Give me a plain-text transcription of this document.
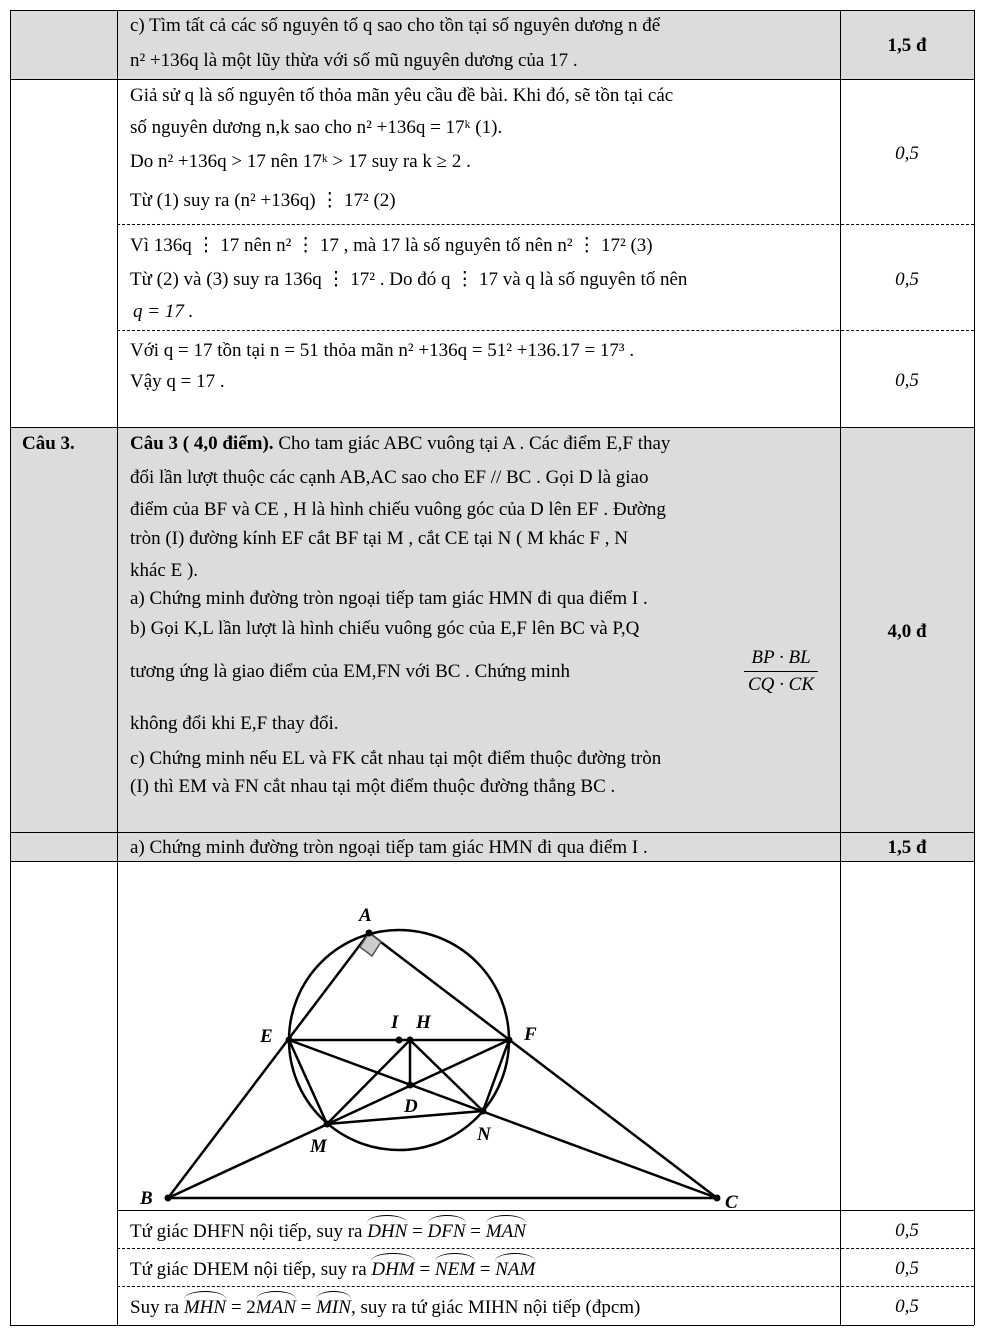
c) Tìm tất cả các số nguyên tố q sao cho tồn tại số nguyên dương n để
n² +136q là một lũy thừa với số mũ nguyên dương của 17 .
1,5 đ
Giả sử q là số nguyên tố thỏa mãn yêu cầu đề bài. Khi đó, sẽ tồn tại các
số nguyên dương n,k sao cho n² +136q = 17ᵏ (1).
Do n² +136q > 17 nên 17ᵏ > 17 suy ra k ≥ 2 .
Từ (1) suy ra (n² +136q) ⋮ 17² (2)
0,5
Vì 136q ⋮ 17 nên n² ⋮ 17 , mà 17 là số nguyên tố nên n² ⋮ 17² (3)
Từ (2) và (3) suy ra 136q ⋮ 17² . Do đó q ⋮ 17 và q là số nguyên tố nên
q = 17 .
0,5
Với q = 17 tồn tại n = 51 thỏa mãn n² +136q = 51² +136.17 = 17³ .
Vậy q = 17 .	0,5
Câu 3.	Câu 3 ( 4,0 điểm). Cho tam giác ABC vuông tại A . Các điểm E,F thay
đổi lần lượt thuộc các cạnh AB,AC sao cho EF // BC . Gọi D là giao
điểm của BF và CE , H là hình chiếu vuông góc của D lên EF . Đường
tròn (I) đường kính EF cắt BF tại M , cắt CE tại N ( M khác F , N
khác E ).
a) Chứng minh đường tròn ngoại tiếp tam giác HMN đi qua điểm I .
b) Gọi K,L lần lượt là hình chiếu vuông góc của E,F lên BC và P,Q
tương ứng là giao điểm của EM,FN với BC . Chứng minh	$\frac{BP \cdot BL}{CQ \cdot CK}$
không đổi khi E,F thay đổi.
c) Chứng minh nếu EL và FK cắt nhau tại một điểm thuộc đường tròn
(I) thì EM và FN cắt nhau tại một điểm thuộc đường thẳng BC .
4,0 đ
a) Chứng minh đường tròn ngoại tiếp tam giác HMN đi qua điểm I .	1,5 đ
A
E
I H
F
D
M
N
B	C
Tứ giác DHFN nội tiếp, suy ra DHN = DFN = MAN	0,5
Tứ giác DHEM nội tiếp, suy ra DHM = NEM = NAM	0,5
Suy ra MHN = 2MAN = MIN, suy ra tứ giác MIHN nội tiếp (đpcm)	0,5
